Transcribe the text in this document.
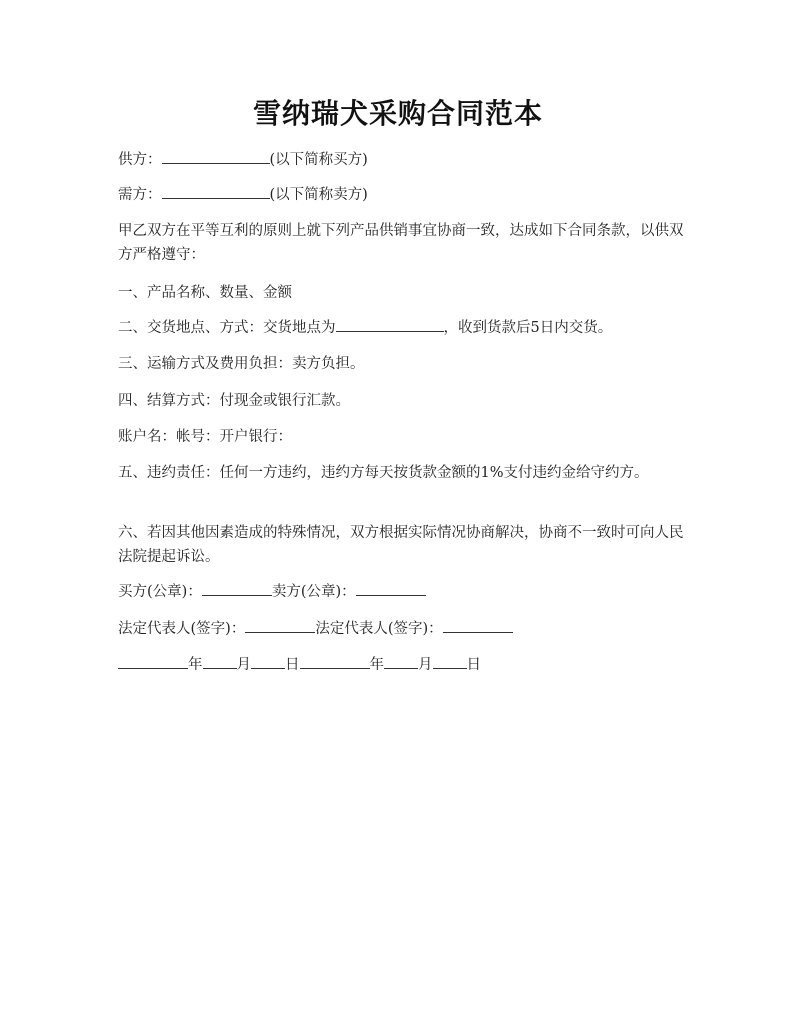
雪纳瑞犬采购合同范本

供方：	(以下简称买方)

需方：	(以下简称卖方)

甲乙双方在平等互利的原则上就下列产品供销事宜协商一致，达成如下合同条款，以供双方严格遵守：

一、产品名称、数量、金额

二、交货地点、方式：交货地点为	，收到货款后5日内交货。

三、运输方式及费用负担：卖方负担。

四、结算方式：付现金或银行汇款。

账户名：帐号：开户银行：

五、违约责任：任何一方违约，违约方每天按货款金额的1%支付违约金给守约方。

六、若因其他因素造成的特殊情况，双方根据实际情况协商解决，协商不一致时可向人民法院提起诉讼。

买方(公章)：	卖方(公章)：

法定代表人(签字)：	法定代表人(签字)：

年 月 日	年 月 日
